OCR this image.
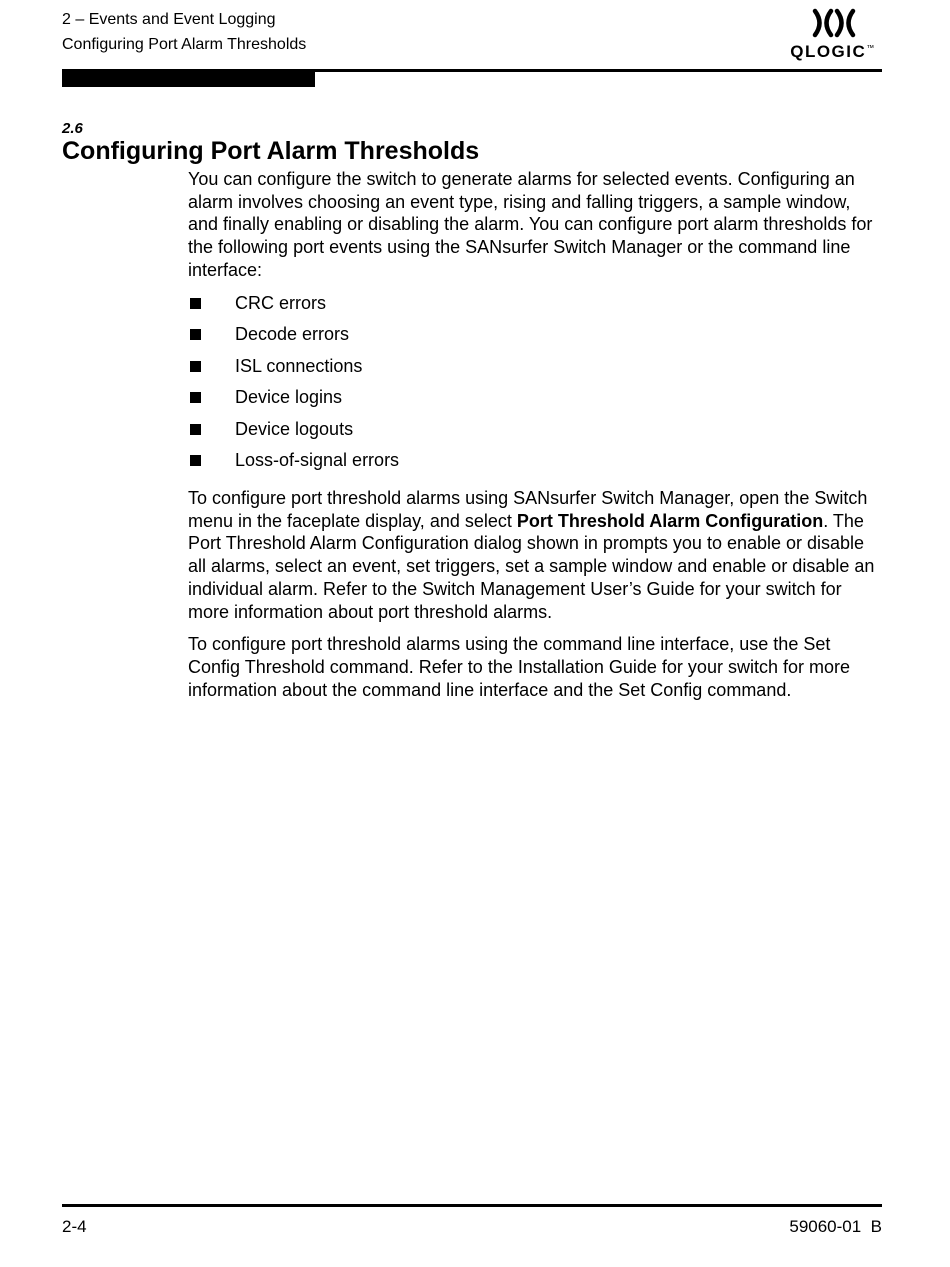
2 – Events and Event Logging
Configuring Port Alarm Thresholds	QLOGIC™
2.6
Configuring Port Alarm Thresholds

You can configure the switch to generate alarms for selected events. Configuring an alarm involves choosing an event type, rising and falling triggers, a sample window, and finally enabling or disabling the alarm. You can configure port alarm thresholds for the following port events using the SANsurfer Switch Manager or the command line interface:

CRC errors
Decode errors
ISL connections
Device logins
Device logouts
Loss-of-signal errors

To configure port threshold alarms using SANsurfer Switch Manager, open the Switch menu in the faceplate display, and select Port Threshold Alarm Configuration. The Port Threshold Alarm Configuration dialog shown in prompts you to enable or disable all alarms, select an event, set triggers, set a sample window and enable or disable an individual alarm. Refer to the Switch Management User’s Guide for your switch for more information about port threshold alarms.

To configure port threshold alarms using the command line interface, use the Set Config Threshold command. Refer to the Installation Guide for your switch for more information about the command line interface and the Set Config command.

2-4	59060-01  B
